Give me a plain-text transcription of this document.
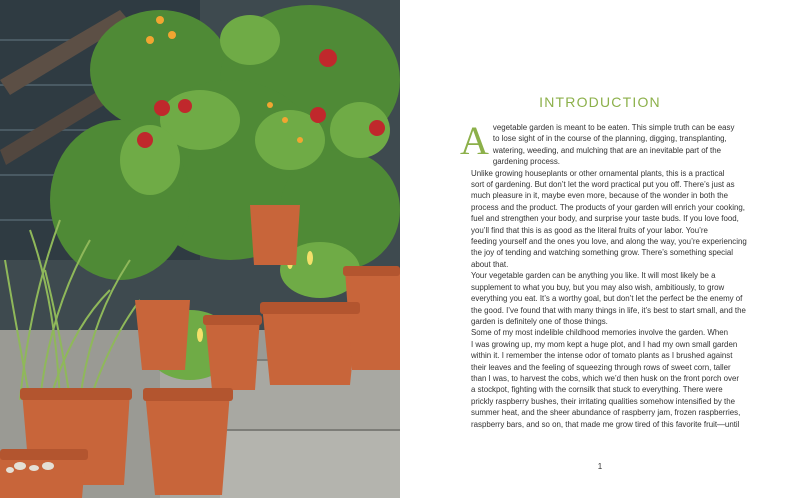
INTRODUCTION

A vegetable garden is meant to be eaten. This simple truth can be easy
to lose sight of in the course of the planning, digging, transplanting,
watering, weeding, and mulching that are an inevitable part of the
gardening process.

Unlike growing houseplants or other ornamental plants, this is a practical
sort of gardening. But don’t let the word practical put you off. There’s just as
much pleasure in it, maybe even more, because of the wonder in both the
process and the product. The products of your garden will enrich your cooking,
fuel and strengthen your body, and surprise your taste buds. If you love food,
you’ll find that this is as good as the literal fruits of your labor. You’re
feeding yourself and the ones you love, and along the way, you’re experiencing
the joy of tending and watching something grow. There’s something special
about that.

Your vegetable garden can be anything you like. It will most likely be a
supplement to what you buy, but you may also wish, ambitiously, to grow
everything you eat. It’s a worthy goal, but don’t let the perfect be the enemy of
the good. I’ve found that with many things in life, it’s best to start small, and the
garden is definitely one of those things.

Some of my most indelible childhood memories involve the garden. When
I was growing up, my mom kept a huge plot, and I had my own small garden
within it. I remember the intense odor of tomato plants as I brushed against
their leaves and the feeling of squeezing through rows of sweet corn, taller
than I was, to harvest the cobs, which we’d then husk on the front porch over
a stockpot, fighting with the cornsilk that stuck to everything. There were
prickly raspberry bushes, their irritating qualities somehow intensified by the
summer heat, and the sheer abundance of raspberry jam, frozen raspberries,
raspberry bars, and so on, that made me grow tired of this favorite fruit—until

1
